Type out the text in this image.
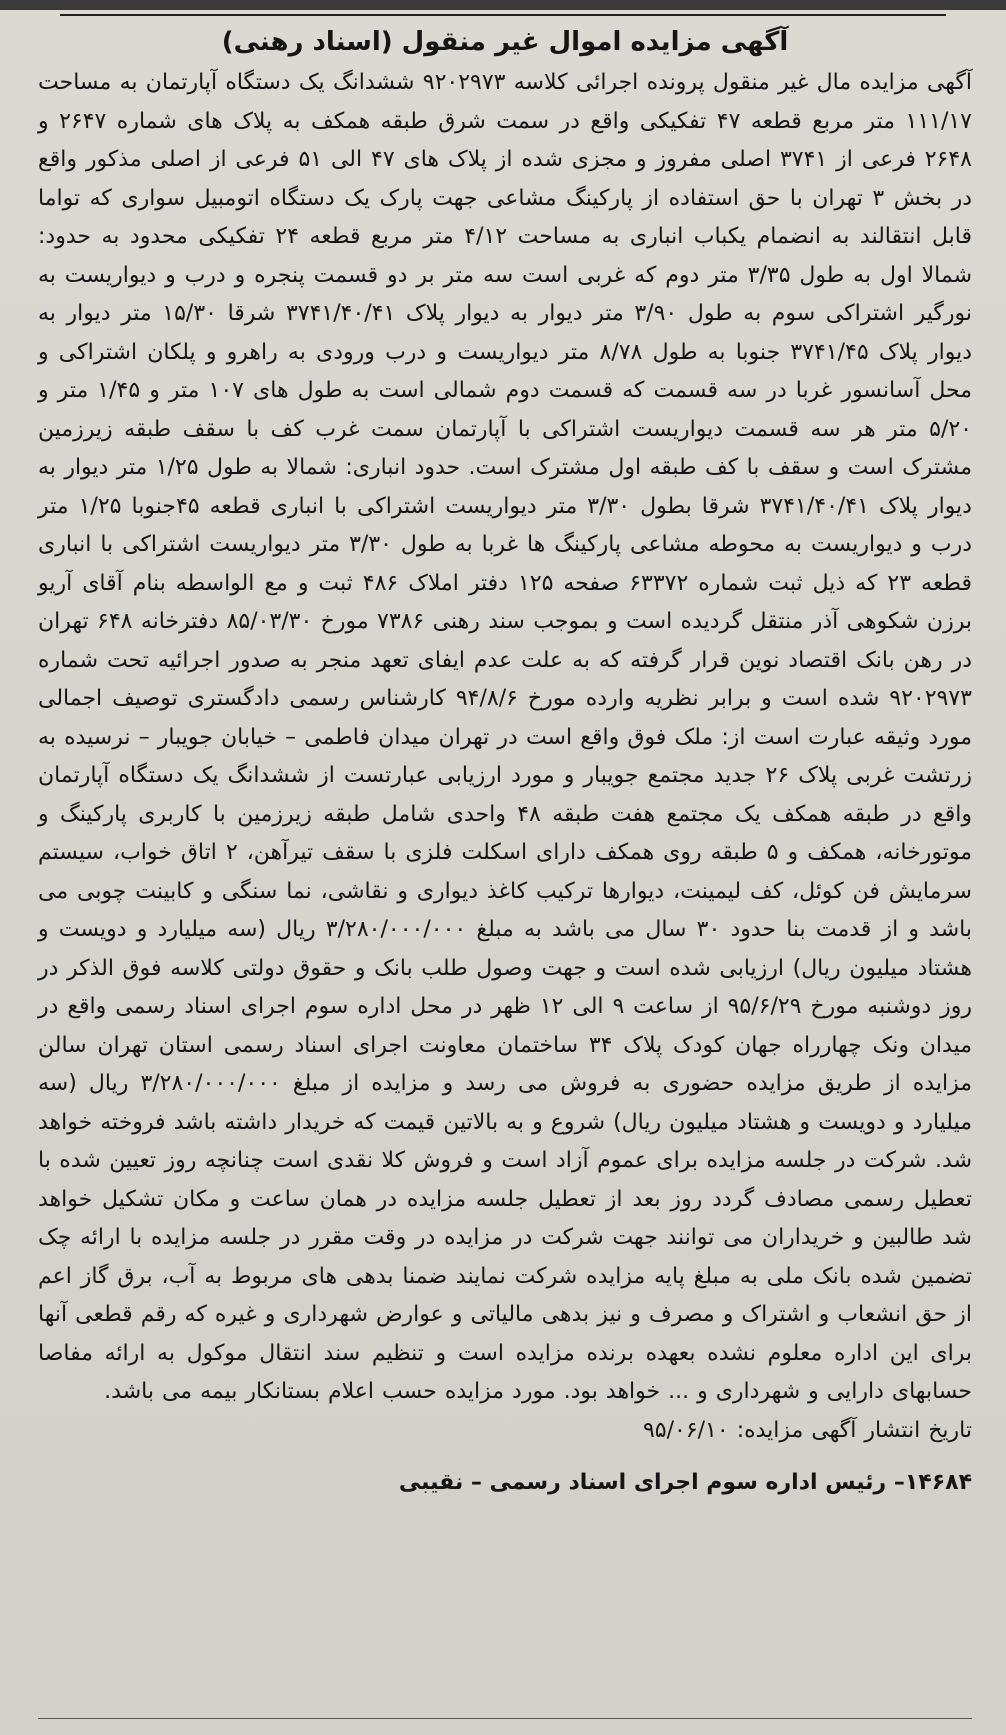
آگهی مزایده اموال غیر منقول (اسناد رهنی)

آگهی مزایده مال غیر منقول پرونده اجرائی کلاسه ۹۲۰۲۹۷۳ ششدانگ یک دستگاه آپارتمان به مساحت ۱۱۱/۱۷ متر مربع قطعه ۴۷ تفکیکی واقع در سمت شرق طبقه همکف به پلاک های شماره ۲۶۴۷ و ۲۶۴۸ فرعی از ۳۷۴۱ اصلی مفروز و مجزی شده از پلاک های ۴۷ الی ۵۱ فرعی از اصلی مذکور واقع در بخش ۳ تهران با حق استفاده از پارکینگ مشاعی جهت پارک یک دستگاه اتومبیل سواری که تواما قابل انتقالند به انضمام یکباب انباری به مساحت ۴/۱۲ متر مربع قطعه ۲۴ تفکیکی محدود به حدود: شمالا اول به طول ۳/۳۵ متر دوم که غربی است سه متر بر دو قسمت پنجره و درب و دیواریست به نورگیر اشتراکی سوم به طول ۳/۹۰ متر دیوار به دیوار پلاک ۳۷۴۱/۴۰/۴۱ شرقا ۱۵/۳۰ متر دیوار به دیوار پلاک ۳۷۴۱/۴۵ جنوبا به طول ۸/۷۸ متر دیواریست و درب ورودی به راهرو و پلکان اشتراکی و محل آسانسور غربا در سه قسمت که قسمت دوم شمالی است به طول های ۱۰۷ متر و ۱/۴۵ متر و ۵/۲۰ متر هر سه قسمت دیواریست اشتراکی با آپارتمان سمت غرب کف با سقف طبقه زیرزمین مشترک است و سقف با کف طبقه اول مشترک است. حدود انباری: شمالا به طول ۱/۲۵ متر دیوار به دیوار پلاک ۳۷۴۱/۴۰/۴۱ شرقا بطول ۳/۳۰ متر دیواریست اشتراکی با انباری قطعه ۴۵جنوبا ۱/۲۵ متر درب و دیواریست به محوطه مشاعی پارکینگ ها غربا به طول ۳/۳۰ متر دیواریست اشتراکی با انباری قطعه ۲۳ که ذیل ثبت شماره ۶۳۳۷۲ صفحه ۱۲۵ دفتر املاک ۴۸۶ ثبت و مع الواسطه بنام آقای آریو برزن شکوهی آذر منتقل گردیده است و بموجب سند رهنی ۷۳۸۶ مورخ ۸۵/۰۳/۳۰ دفترخانه ۶۴۸ تهران در رهن بانک اقتصاد نوین قرار گرفته که به علت عدم ایفای تعهد منجر به صدور اجرائیه تحت شماره ۹۲۰۲۹۷۳ شده است و برابر نظریه وارده مورخ ۹۴/۸/۶ کارشناس رسمی دادگستری توصیف اجمالی مورد وثیقه عبارت است از: ملک فوق واقع است در تهران میدان فاطمی – خیابان جویبار – نرسیده به زرتشت غربی پلاک ۲۶ جدید مجتمع جویبار و مورد ارزیابی عبارتست از ششدانگ یک دستگاه آپارتمان واقع در طبقه همکف یک مجتمع هفت طبقه ۴۸ واحدی شامل طبقه زیرزمین با کاربری پارکینگ و موتورخانه، همکف و ۵ طبقه روی همکف دارای اسکلت فلزی با سقف تیرآهن، ۲ اتاق خواب، سیستم سرمایش فن کوئل، کف لیمینت، دیوارها ترکیب کاغذ دیواری و نقاشی، نما سنگی و کابینت چوبی می باشد و از قدمت بنا حدود ۳۰ سال می باشد به مبلغ ۳/۲۸۰/۰۰۰/۰۰۰ ریال (سه میلیارد و دویست و هشتاد میلیون ریال) ارزیابی شده است و جهت وصول طلب بانک و حقوق دولتی کلاسه فوق الذکر در روز دوشنبه مورخ ۹۵/۶/۲۹ از ساعت ۹ الی ۱۲ ظهر در محل اداره سوم اجرای اسناد رسمی واقع در میدان ونک چهارراه جهان کودک پلاک ۳۴ ساختمان معاونت اجرای اسناد رسمی استان تهران سالن مزایده از طریق مزایده حضوری به فروش می رسد و مزایده از مبلغ ۳/۲۸۰/۰۰۰/۰۰۰ ریال (سه میلیارد و دویست و هشتاد میلیون ریال) شروع و به بالاتین قیمت که خریدار داشته باشد فروخته خواهد شد. شرکت در جلسه مزایده برای عموم آزاد است و فروش کلا نقدی است چنانچه روز تعیین شده با تعطیل رسمی مصادف گردد روز بعد از تعطیل جلسه مزایده در همان ساعت و مکان تشکیل خواهد شد طالبین و خریداران می توانند جهت شرکت در مزایده در وقت مقرر در جلسه مزایده با ارائه چک تضمین شده بانک ملی به مبلغ پایه مزایده شرکت نمایند ضمنا بدهی های مربوط به آب، برق گاز اعم از حق انشعاب و اشتراک و مصرف و نیز بدهی مالیاتی و عوارض شهرداری و غیره که رقم قطعی آنها برای این اداره معلوم نشده بعهده برنده مزایده است و تنظیم سند انتقال موکول به ارائه مفاصا حسابهای دارایی و شهرداری و ... خواهد بود. مورد مزایده حسب اعلام بستانکار بیمه می باشد.
تاریخ انتشار آگهی مزایده: ۹۵/۰۶/۱۰

۱۴۶۸۴– رئیس اداره سوم اجرای اسناد رسمی – نقیبی
